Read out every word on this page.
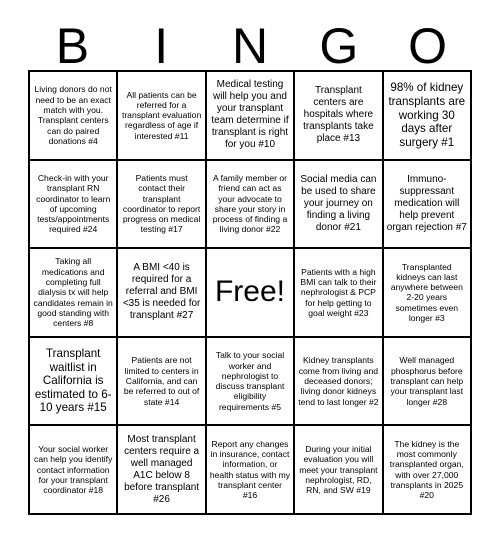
B	I	N	G O
Living donors do not need to be an exact match with you. Transplant centers can do paired donations #4
All patients can be referred for a transplant evaluation regardless of age if interested #11
Medical testing will help you and your transplant team determine if transplant is right for you #10
Transplant centers are hospitals where transplants take place #13
98% of kidney transplants are working 30 days after surgery #1
Check-in with your transplant RN coordinator to learn of upcoming tests/appointments required #24
Patients must contact their transplant coordinator to report progress on medical testing #17
A family member or friend can act as your advocate to share your story in process of finding a living donor #22
Social media can be used to share your journey on finding a living donor #21
Immuno-suppressant medication will help prevent organ rejection #7
Taking all medications and completing full dialysis tx will help candidates remain in good standing with centers #8
A BMI <40 is required for a referral and BMI <35 is needed for transplant #27
Free!
Patients with a high BMI can talk to their nephrologist & PCP for help getting to goal weight #23
Transplanted kidneys can last anywhere between 2-20 years sometimes even longer #3
Transplant waitlist in California is estimated to 6-10 years #15
Patients are not limited to centers in California, and can be referred to out of state #14
Talk to your social worker and nephrologist to discuss transplant eligibility requirements #5
Kidney transplants come from living and deceased donors; living donor kidneys tend to last longer #2
Well managed phosphorus before transplant can help your transplant last longer #28
Your social worker can help you identify contact information for your transplant coordinator #18
Most transplant centers require a well managed A1C below 8 before transplant #26
Report any changes in insurance, contact information, or health status with my transplant center #16
During your initial evaluation you will meet your transplant nephrologist, RD, RN, and SW #19
The kidney is the most commonly transplanted organ, with over 27,000 transplants in 2025 #20
